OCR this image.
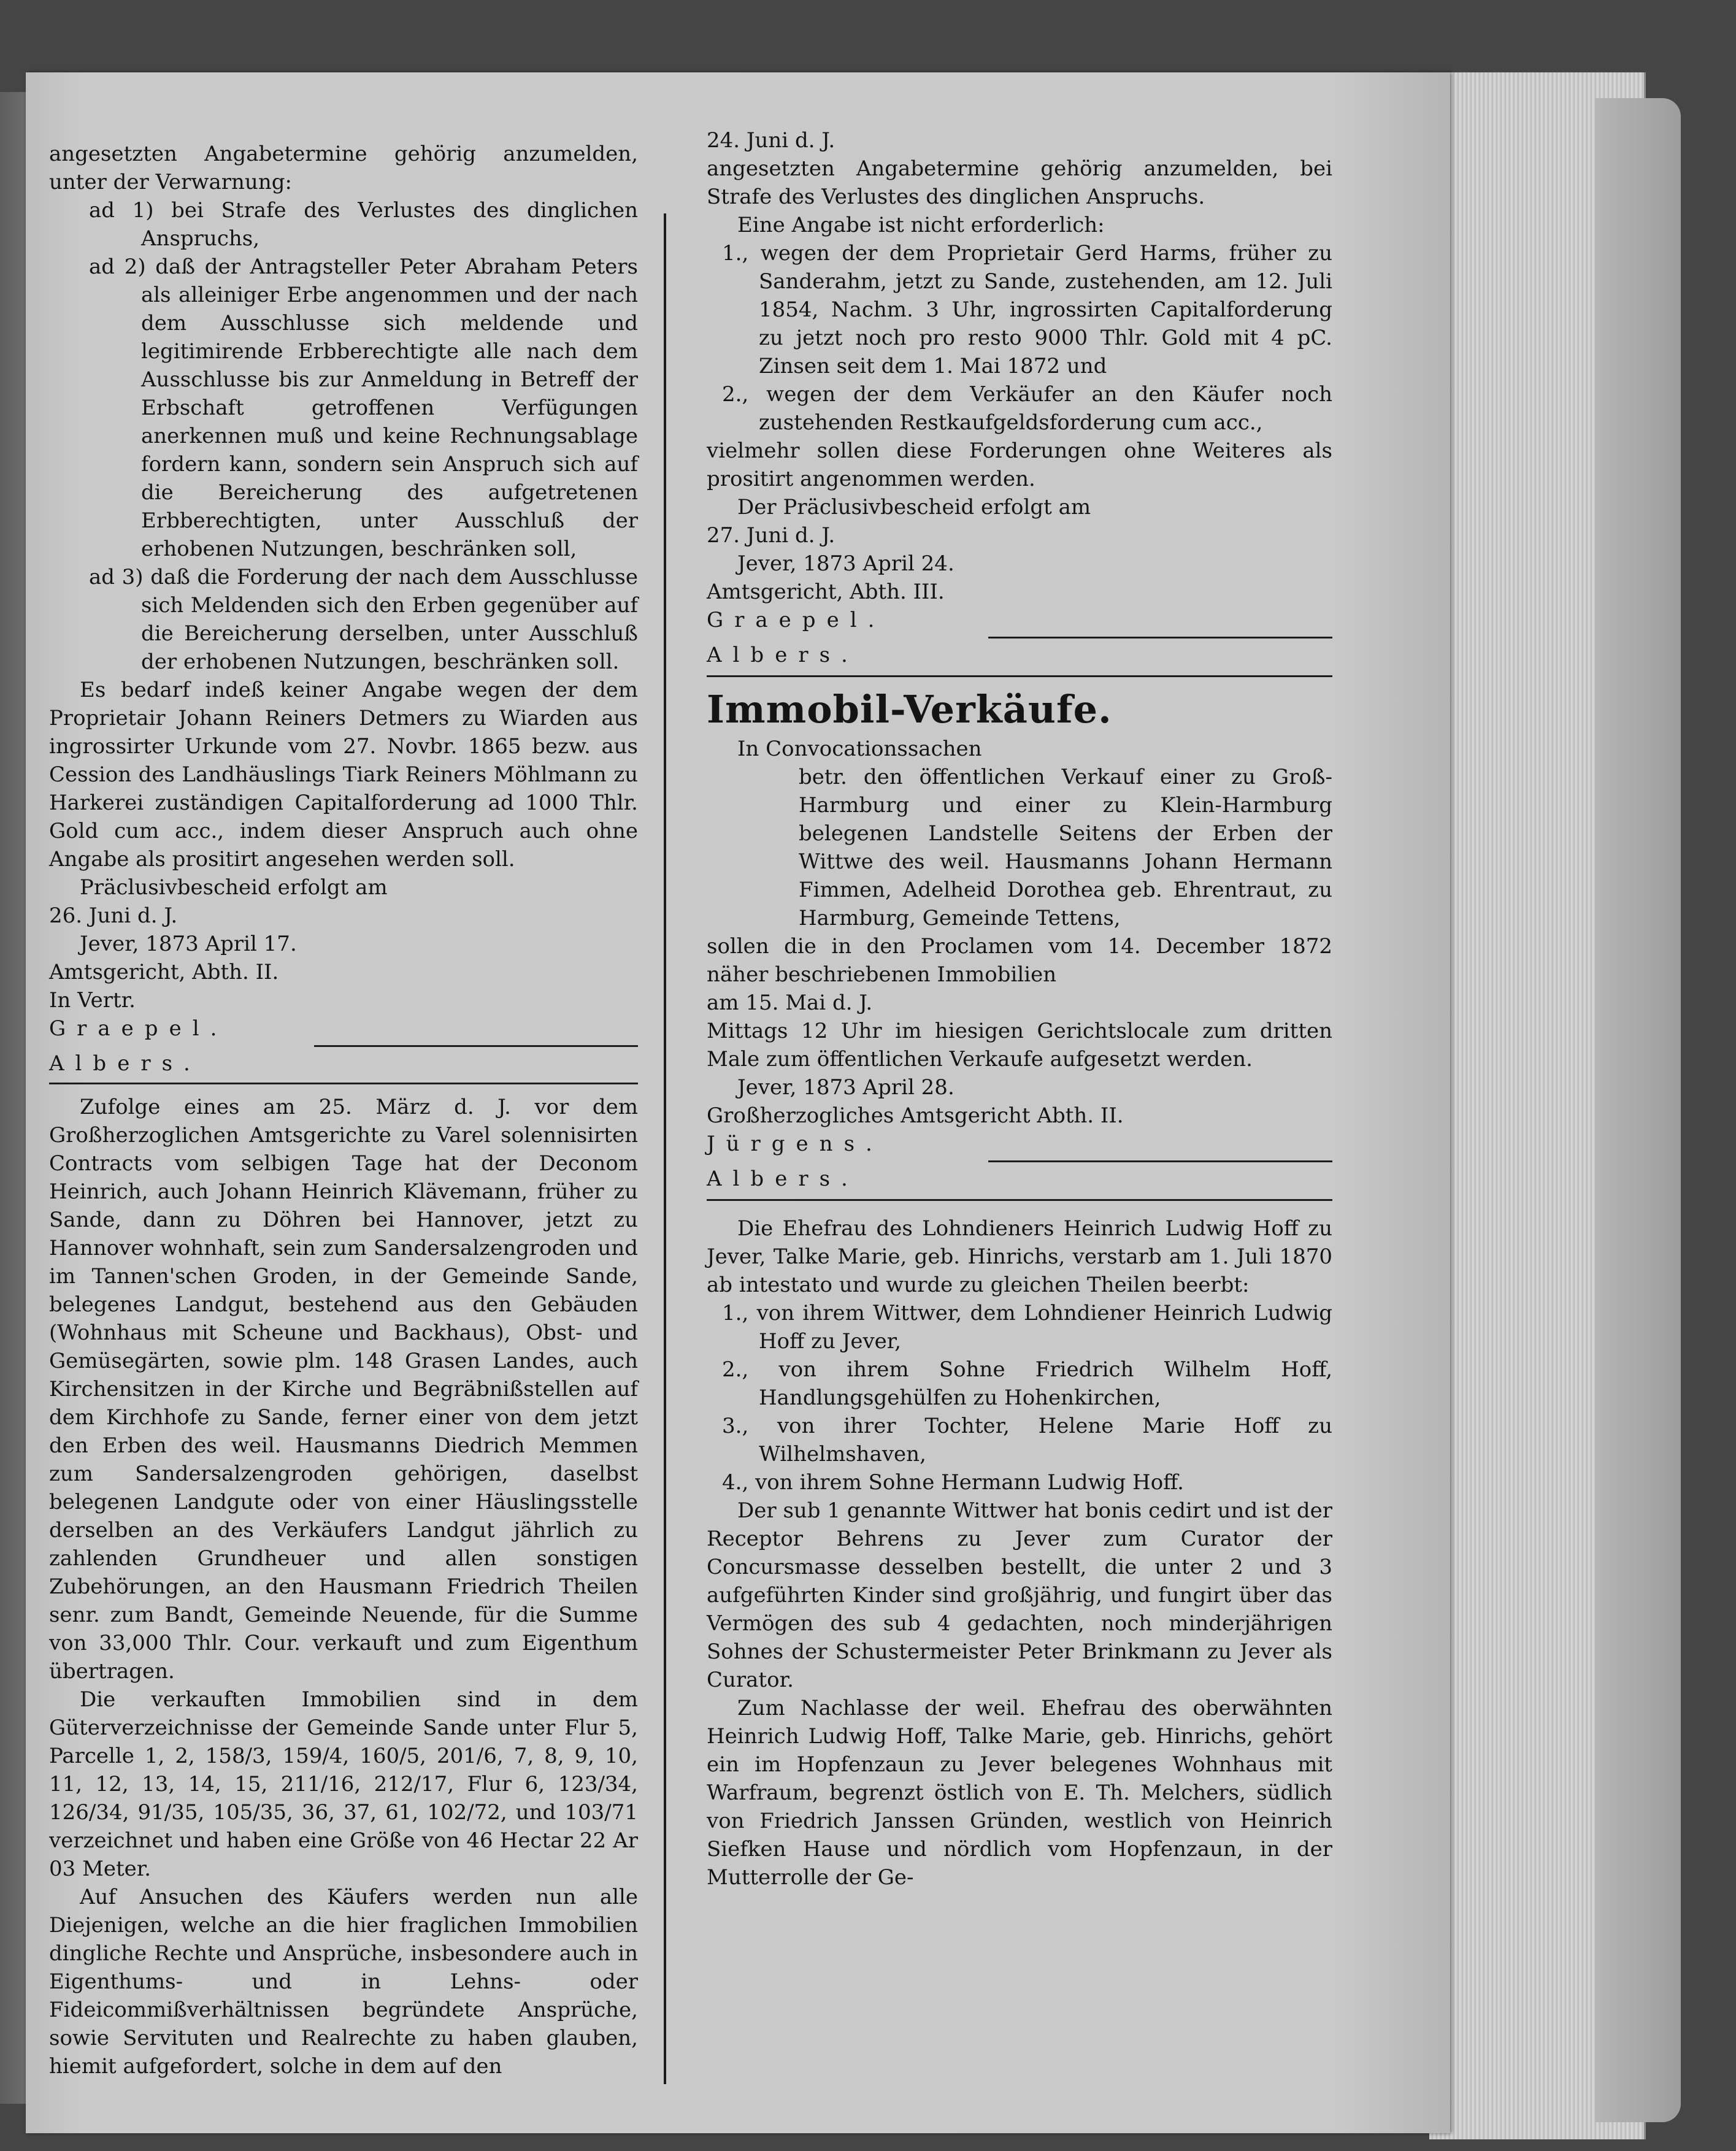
angesetzten Angabetermine gehörig anzumelden, unter der Verwarnung:

ad 1) bei Strafe des Verlustes des dinglichen Anspruchs,

ad 2) daß der Antragsteller Peter Abraham Peters als alleiniger Erbe angenommen und der nach dem Ausschlusse sich meldende und legitimirende Erbberechtigte alle nach dem Ausschlusse bis zur Anmeldung in Betreff der Erbschaft getroffenen Verfügungen anerkennen muß und keine Rechnungsablage fordern kann, sondern sein Anspruch sich auf die Bereicherung des aufgetretenen Erbberechtigten, unter Ausschluß der erhobenen Nutzungen, beschränken soll,

ad 3) daß die Forderung der nach dem Ausschlusse sich Meldenden sich den Erben gegenüber auf die Bereicherung derselben, unter Ausschluß der erhobenen Nutzungen, beschränken soll.

Es bedarf indeß keiner Angabe wegen der dem Proprietair Johann Reiners Detmers zu Wiarden aus ingrossirter Urkunde vom 27. Novbr. 1865 bezw. aus Cession des Landhäuslings Tiark Reiners Möhlmann zu Harkerei zuständigen Capitalforderung ad 1000 Thlr. Gold cum acc., indem dieser Anspruch auch ohne Angabe als prositirt angesehen werden soll.

Präclusivbescheid erfolgt am

26. Juni d. J.

Jever, 1873 April 17.

Amtsgericht, Abth. II.

In Vertr.

Graepel.

Albers.

Zufolge eines am 25. März d. J. vor dem Großherzoglichen Amtsgerichte zu Varel solennisirten Contracts vom selbigen Tage hat der Deconom Heinrich, auch Johann Heinrich Klävemann, früher zu Sande, dann zu Döhren bei Hannover, jetzt zu Hannover wohnhaft, sein zum Sandersalzengroden und im Tannen'schen Groden, in der Gemeinde Sande, belegenes Landgut, bestehend aus den Gebäuden (Wohnhaus mit Scheune und Backhaus), Obst- und Gemüsegärten, sowie plm. 148 Grasen Landes, auch Kirchensitzen in der Kirche und Begräbnißstellen auf dem Kirchhofe zu Sande, ferner einer von dem jetzt den Erben des weil. Hausmanns Diedrich Memmen zum Sandersalzengroden gehörigen, daselbst belegenen Landgute oder von einer Häuslingsstelle derselben an des Verkäufers Landgut jährlich zu zahlenden Grundheuer und allen sonstigen Zubehörungen, an den Hausmann Friedrich Theilen senr. zum Bandt, Gemeinde Neuende, für die Summe von 33,000 Thlr. Cour. verkauft und zum Eigenthum übertragen.

Die verkauften Immobilien sind in dem Güterverzeichnisse der Gemeinde Sande unter Flur 5, Parcelle 1, 2, 158/3, 159/4, 160/5, 201/6, 7, 8, 9, 10, 11, 12, 13, 14, 15, 211/16, 212/17, Flur 6, 123/34, 126/34, 91/35, 105/35, 36, 37, 61, 102/72, und 103/71 verzeichnet und haben eine Größe von 46 Hectar 22 Ar 03 Meter.

Auf Ansuchen des Käufers werden nun alle Diejenigen, welche an die hier fraglichen Immobilien dingliche Rechte und Ansprüche, insbesondere auch in Eigenthums- und in Lehns- oder Fideicommißverhältnissen begründete Ansprüche, sowie Servituten und Realrechte zu haben glauben, hiemit aufgefordert, solche in dem auf den

24. Juni d. J.

angesetzten Angabetermine gehörig anzumelden, bei Strafe des Verlustes des dinglichen Anspruchs.

Eine Angabe ist nicht erforderlich:

1., wegen der dem Proprietair Gerd Harms, früher zu Sanderahm, jetzt zu Sande, zustehenden, am 12. Juli 1854, Nachm. 3 Uhr, ingrossirten Capitalforderung zu jetzt noch pro resto 9000 Thlr. Gold mit 4 pC. Zinsen seit dem 1. Mai 1872 und

2., wegen der dem Verkäufer an den Käufer noch zustehenden Restkaufgeldsforderung cum acc.,

vielmehr sollen diese Forderungen ohne Weiteres als prositirt angenommen werden.

Der Präclusivbescheid erfolgt am

27. Juni d. J.

Jever, 1873 April 24.

Amtsgericht, Abth. III.

Graepel.

Albers.

Immobil-Verkäufe.

In Convocationssachen

betr. den öffentlichen Verkauf einer zu Groß-Harmburg und einer zu Klein-Harmburg belegenen Landstelle Seitens der Erben der Wittwe des weil. Hausmanns Johann Hermann Fimmen, Adelheid Dorothea geb. Ehrentraut, zu Harmburg, Gemeinde Tettens,

sollen die in den Proclamen vom 14. December 1872 näher beschriebenen Immobilien

am 15. Mai d. J.

Mittags 12 Uhr im hiesigen Gerichtslocale zum dritten Male zum öffentlichen Verkaufe aufgesetzt werden.

Jever, 1873 April 28.

Großherzogliches Amtsgericht Abth. II.

Jürgens.

Albers.

Die Ehefrau des Lohndieners Heinrich Ludwig Hoff zu Jever, Talke Marie, geb. Hinrichs, verstarb am 1. Juli 1870 ab intestato und wurde zu gleichen Theilen beerbt:

1., von ihrem Wittwer, dem Lohndiener Heinrich Ludwig Hoff zu Jever,

2., von ihrem Sohne Friedrich Wilhelm Hoff, Handlungsgehülfen zu Hohenkirchen,

3., von ihrer Tochter, Helene Marie Hoff zu Wilhelmshaven,

4., von ihrem Sohne Hermann Ludwig Hoff.

Der sub 1 genannte Wittwer hat bonis cedirt und ist der Receptor Behrens zu Jever zum Curator der Concursmasse desselben bestellt, die unter 2 und 3 aufgeführten Kinder sind großjährig, und fungirt über das Vermögen des sub 4 gedachten, noch minderjährigen Sohnes der Schustermeister Peter Brinkmann zu Jever als Curator.

Zum Nachlasse der weil. Ehefrau des oberwähnten Heinrich Ludwig Hoff, Talke Marie, geb. Hinrichs, gehört ein im Hopfenzaun zu Jever belegenes Wohnhaus mit Warfraum, begrenzt östlich von E. Th. Melchers, südlich von Friedrich Janssen Gründen, westlich von Heinrich Siefken Hause und nördlich vom Hopfenzaun, in der Mutterrolle der Ge-
